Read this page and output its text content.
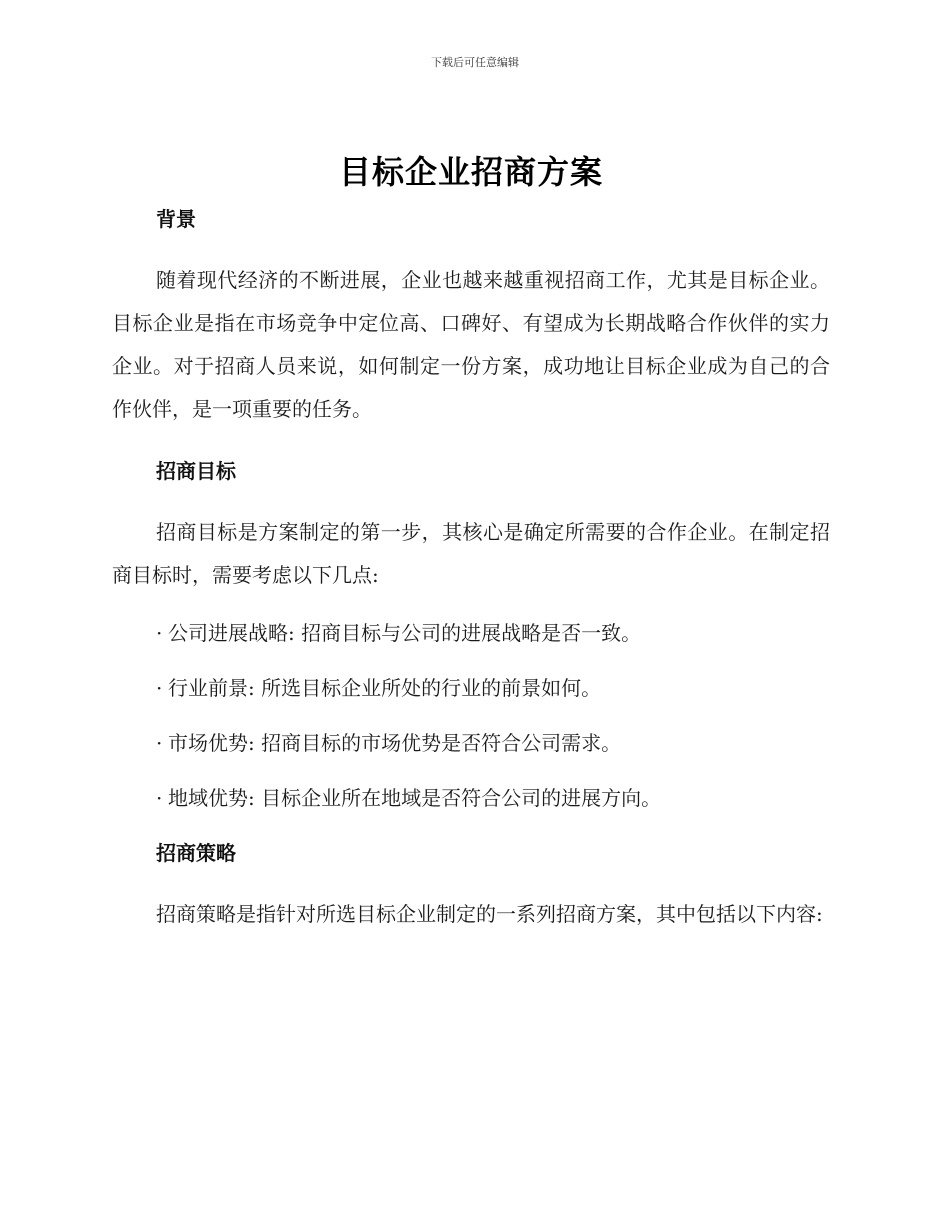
下载后可任意编辑
目标企业招商方案
背景

随着现代经济的不断进展，企业也越来越重视招商工作，尤其是目标企业。目标企业是指在市场竞争中定位高、口碑好、有望成为长期战略合作伙伴的实力企业。对于招商人员来说，如何制定一份方案，成功地让目标企业成为自己的合作伙伴，是一项重要的任务。

招商目标

招商目标是方案制定的第一步，其核心是确定所需要的合作企业。在制定招商目标时，需要考虑以下几点:

· 公司进展战略: 招商目标与公司的进展战略是否一致。

· 行业前景: 所选目标企业所处的行业的前景如何。

· 市场优势: 招商目标的市场优势是否符合公司需求。

· 地域优势: 目标企业所在地域是否符合公司的进展方向。

招商策略

招商策略是指针对所选目标企业制定的一系列招商方案，其中包括以下内容:
